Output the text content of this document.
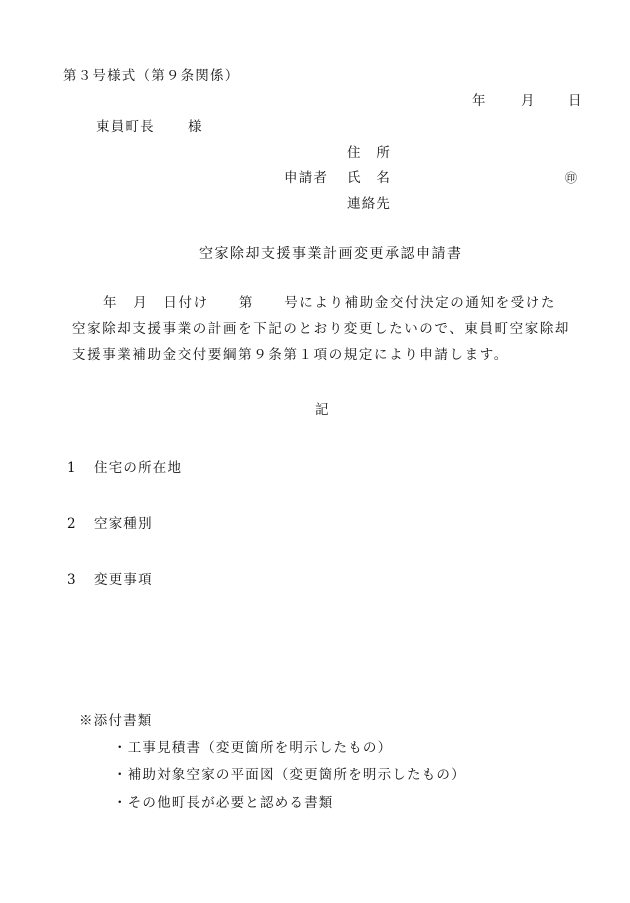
第３号様式（第９条関係）
年	月 日
東員町長 様
住　所
申請者 氏　名	㊞
連絡先
空家除却支援事業計画変更承認申請書
年　月　日付け　　第　　号により補助金交付決定の通知を受けた
空家除却支援事業の計画を下記のとおり変更したいので、東員町空家除却
支援事業補助金交付要綱第９条第１項の規定により申請します。
記
1 住宅の所在地
2 空家種別
3 変更事項
※添付書類
・工事見積書（変更箇所を明示したもの）
・補助対象空家の平面図（変更箇所を明示したもの）
・その他町長が必要と認める書類
